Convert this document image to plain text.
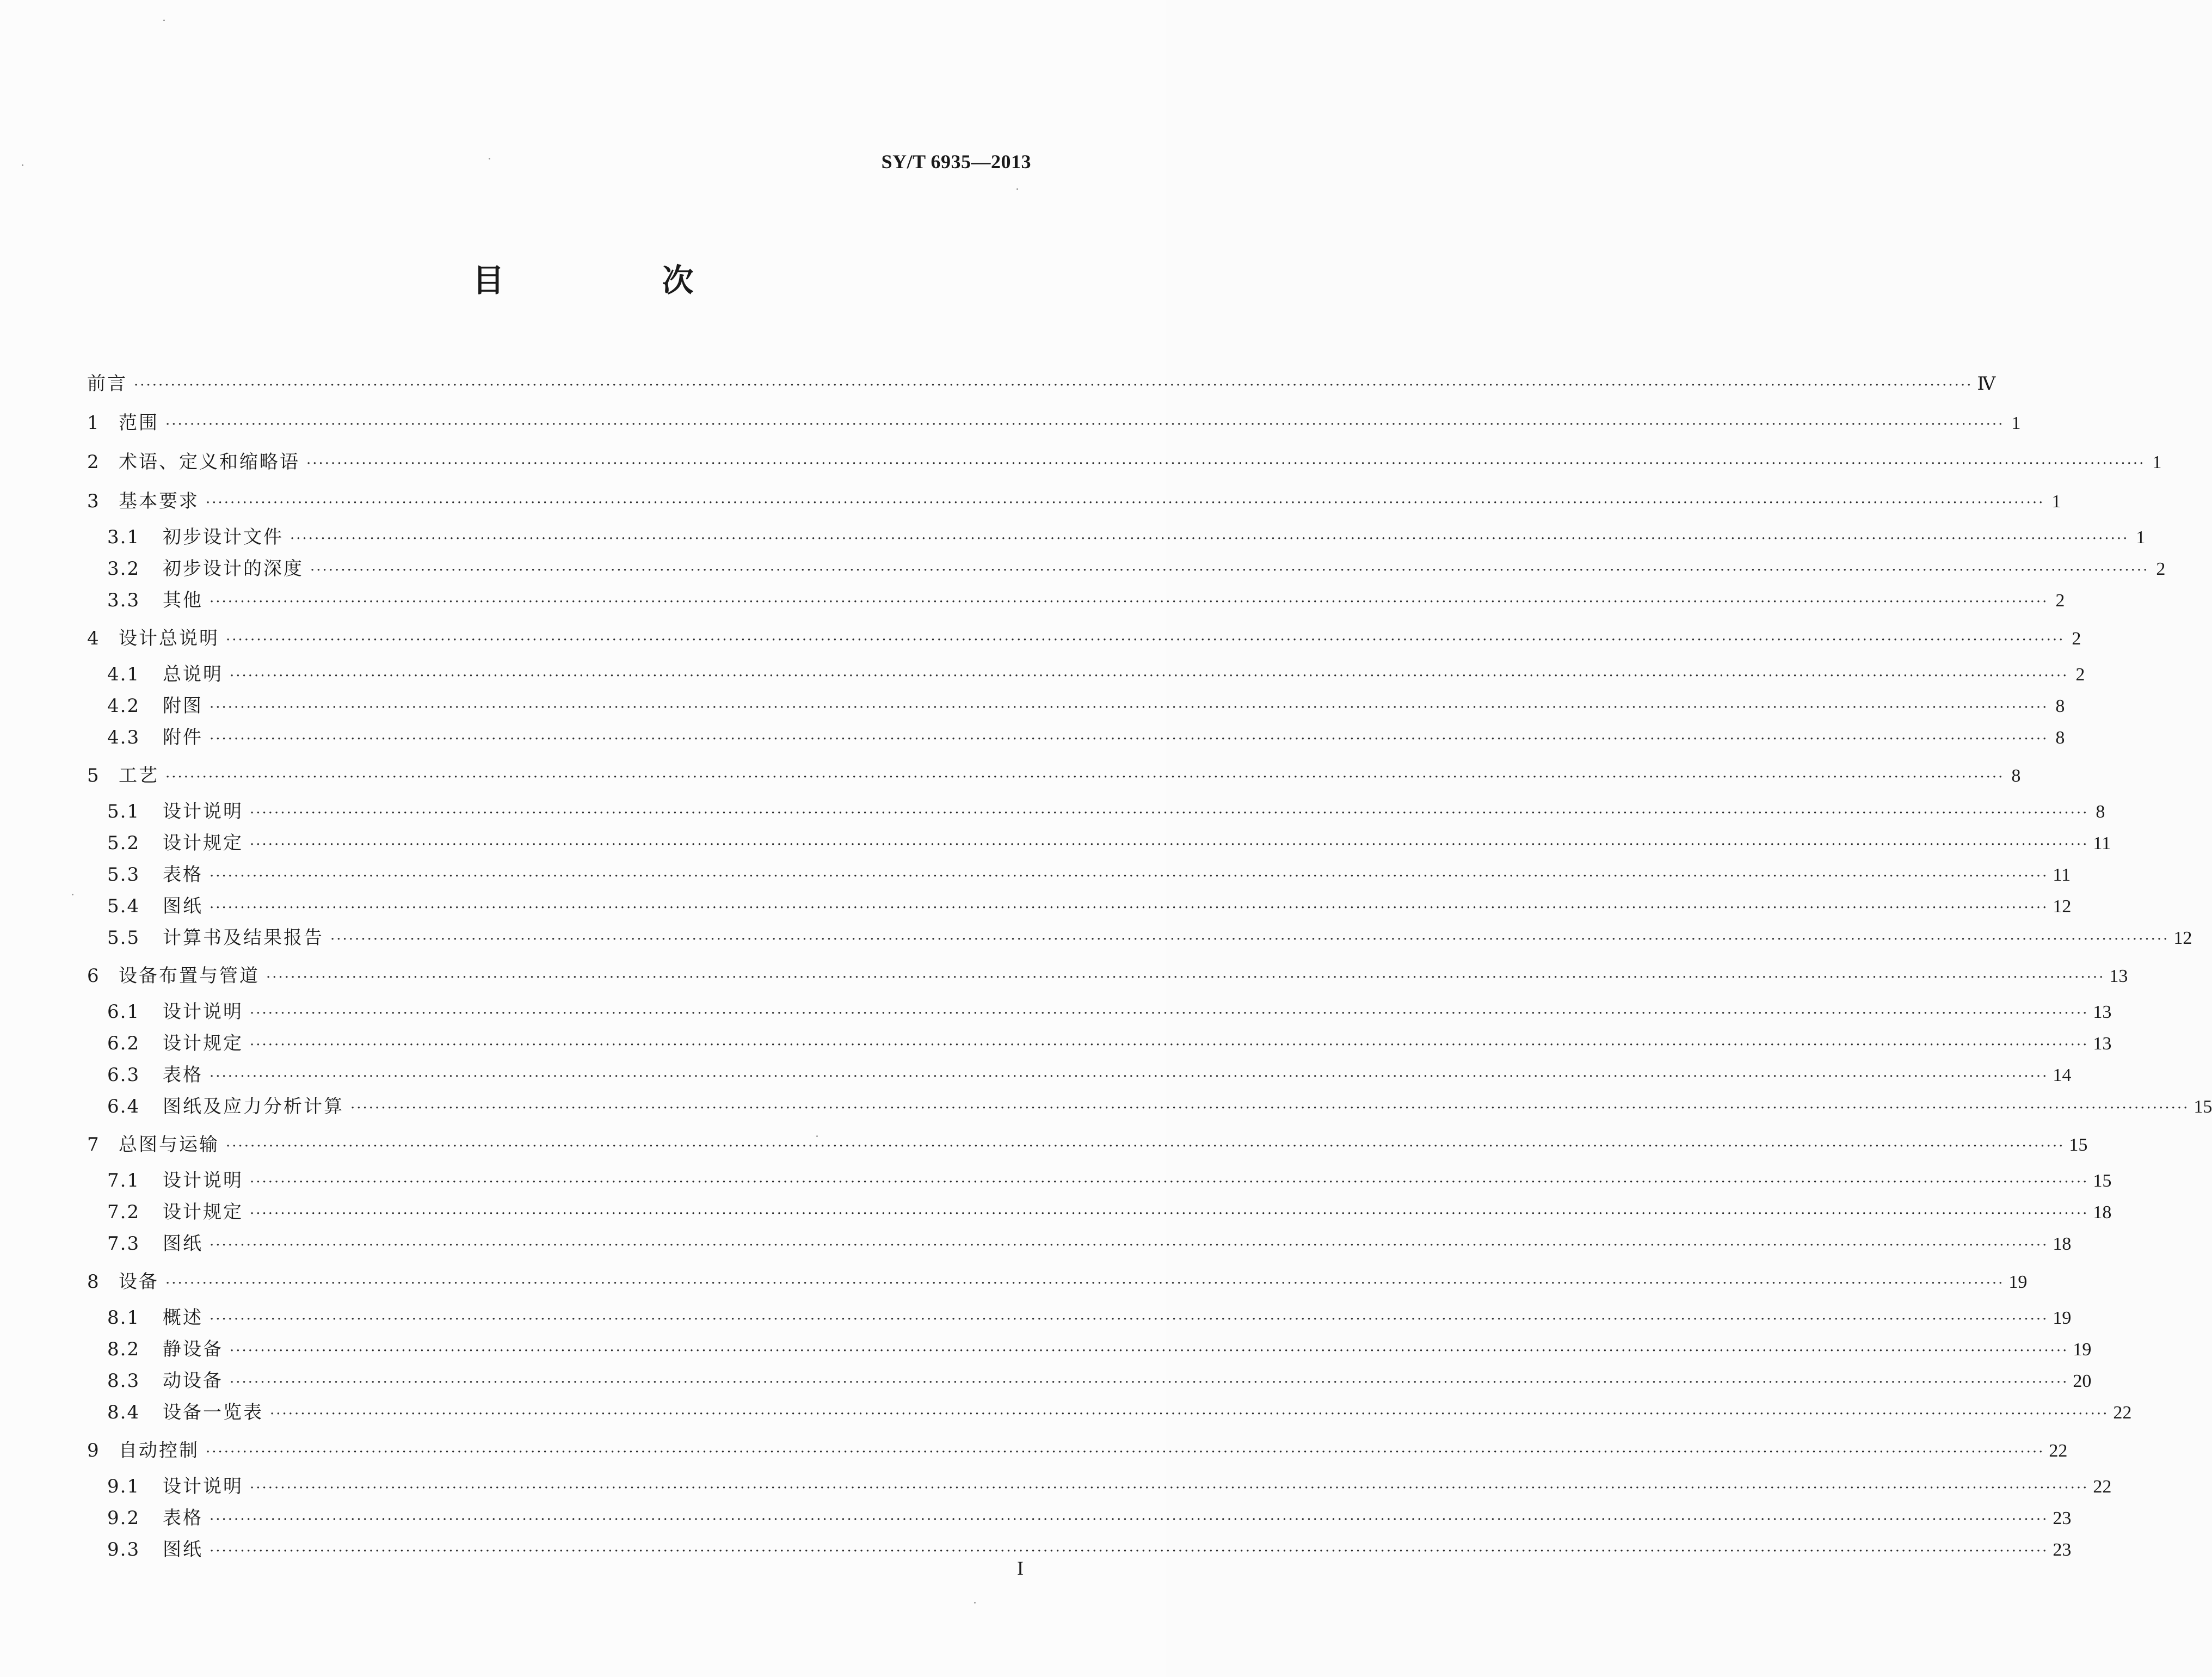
SY/T 6935—2013
目　次
前言 ············································································································································································································································································································ Ⅳ
1	范围 ············································································································································································································································································································ 1
2	术语、定义和缩略语 ············································································································································································································································································································ 1
3	基本要求 ············································································································································································································································································································ 1
3.1	初步设计文件 ············································································································································································································································································································ 1
3.2	初步设计的深度 ············································································································································································································································································································ 2
3.3	其他 ············································································································································································································································································································ 2
4	设计总说明 ············································································································································································································································································································ 2
4.1	总说明 ············································································································································································································································································································ 2
4.2	附图 ············································································································································································································································································································ 8
4.3	附件 ············································································································································································································································································································ 8
5	工艺 ············································································································································································································································································································ 8
5.1	设计说明 ············································································································································································································································································································ 8
5.2	设计规定 ············································································································································································································································································································ 11
5.3	表格 ············································································································································································································································································································ 11
5.4	图纸 ············································································································································································································································································································ 12
5.5	计算书及结果报告 ············································································································································································································································································································ 12
6	设备布置与管道 ············································································································································································································································································································ 13
6.1	设计说明 ············································································································································································································································································································ 13
6.2	设计规定 ············································································································································································································································································································ 13
6.3	表格 ············································································································································································································································································································ 14
6.4	图纸及应力分析计算 ············································································································································································································································································································ 15
7	总图与运输 ············································································································································································································································································································ 15
7.1	设计说明 ············································································································································································································································································································ 15
7.2	设计规定 ············································································································································································································································································································ 18
7.3	图纸 ············································································································································································································································································································ 18
8	设备 ············································································································································································································································································································ 19
8.1	概述 ············································································································································································································································································································ 19
8.2	静设备 ············································································································································································································································································································ 19
8.3	动设备 ············································································································································································································································································································ 20
8.4	设备一览表 ············································································································································································································································································································ 22
9	自动控制 ············································································································································································································································································································ 22
9.1	设计说明 ············································································································································································································································································································ 22
9.2	表格 ············································································································································································································································································································ 23
9.3	图纸 ············································································································································································································································································································ 23
I
